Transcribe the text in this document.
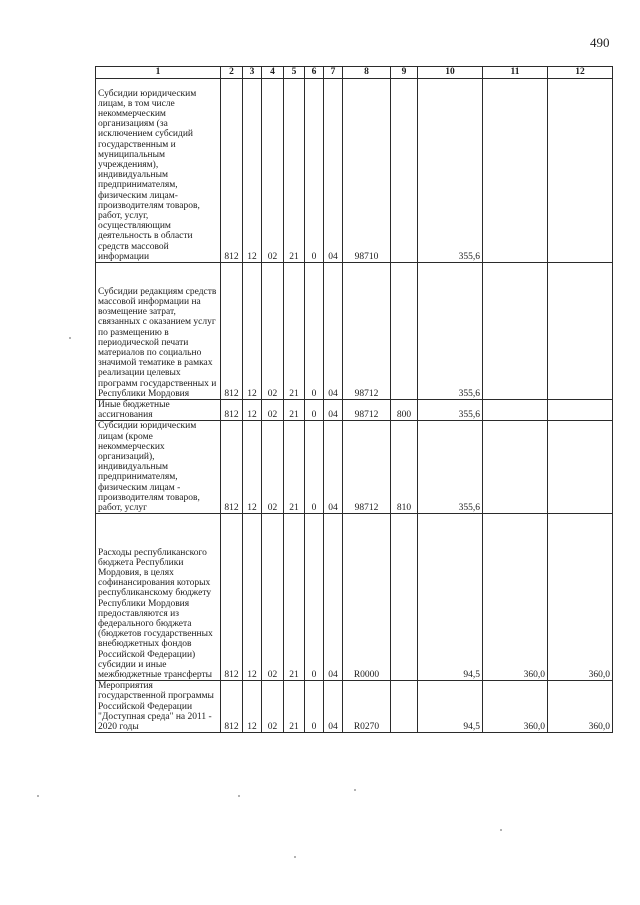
490
1	2	3	4	5	6	7	8	9	10	11	12
Субсидии юридическим лицам, в том числе некоммерческим организациям (за исключением субсидий государственным и муниципальным учреждениям), индивидуальным предпринимателям, физическим лицам-производителям товаров, работ, услуг, осуществляющим деятельность в области средств массовой информации	812	12	02	21	0	04	98710		355,6		
Субсидии редакциям средств массовой информации на возмещение затрат, связанных с оказанием услуг по размещению в периодической печати материалов по социально значимой тематике в рамках реализации целевых программ государственных и Республики Мордовия	812	12	02	21	0	04	98712		355,6		
Иные бюджетные ассигнования	812	12	02	21	0	04	98712	800	355,6		
Субсидии юридическим лицам (кроме некоммерческих организаций), индивидуальным предпринимателям, физическим лицам - производителям товаров, работ, услуг	812	12	02	21	0	04	98712	810	355,6		
Расходы республиканского бюджета Республики Мордовия, в целях софинансирования которых республиканскому бюджету Республики Мордовия предоставляются из федерального бюджета (бюджетов государственных внебюджетных фондов Российской Федерации) субсидии и иные межбюджетные трансферты	812	12	02	21	0	04	R0000		94,5	360,0	360,0
Мероприятия государственной программы Российской Федерации "Доступная среда" на 2011 - 2020 годы	812	12	02	21	0	04	R0270		94,5	360,0	360,0
